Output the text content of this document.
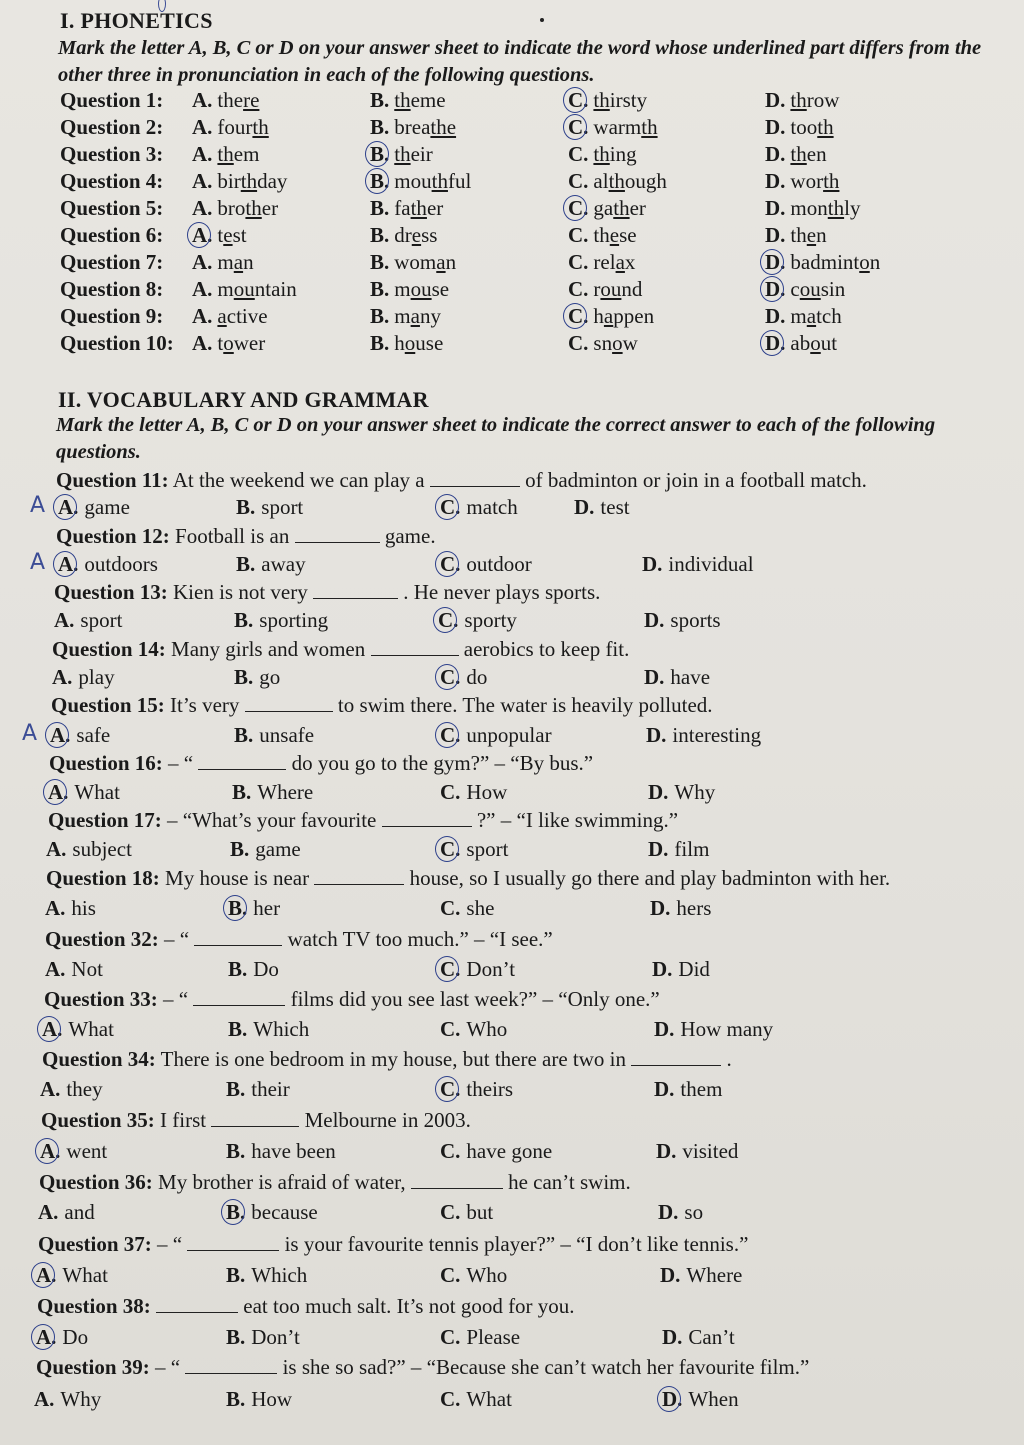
I. PHONETICS
Mark the letter A, B, C or D on your answer sheet to indicate the word whose underlined part differs from the other three in pronunciation in each of the following questions.
Question 1: A. there	B. theme	C. thirsty	D. throw
Question 2: A. fourth	B. breathe	C. warmth	D. tooth
Question 3: A. them	B. their	C. thing	D. then
Question 4: A. birthday	B. mouthful	C. although	D. worth
Question 5: A. brother	B. father	C. gather	D. monthly
Question 6: A. test	B. dress	C. these	D. then
Question 7: A. man	B. woman	C. relax	D. badminton
Question 8: A. mountain	B. mouse	C. round	D. cousin
Question 9: A. active	B. many	C. happen	D. match
Question 10: A. tower	B. house	C. snow	D. about
II. VOCABULARY AND GRAMMAR
Mark the letter A, B, C or D on your answer sheet to indicate the correct answer to each of the following questions.
Question 11: At the weekend we can play a	of badminton or join in a football match.
A. game	B. sport	C. match	D. test
A
Question 12: Football is an	game.
A. outdoors	B. away	C. outdoor	D. individual
A
Question 13: Kien is not very	. He never plays sports.
A. sport	B. sporting	C. sporty	D. sports
Question 14: Many girls and women	aerobics to keep fit.
A. play	B. go	C. do	D. have
Question 15: It’s very	to swim there. The water is heavily polluted.
A. safe	B. unsafe	C. unpopular	D. interesting
A
Question 16: – “	do you go to the gym?” – “By bus.”
A. What	B. Where	C. How	D. Why
Question 17: – “What’s your favourite	?” – “I like swimming.”
A. subject	B. game	C. sport	D. film
Question 18: My house is near	house, so I usually go there and play badminton with her.
A. his	B. her	C. she	D. hers
Question 32: – “	watch TV too much.” – “I see.”
A. Not	B. Do	C. Don’t	D. Did
Question 33: – “	films did you see last week?” – “Only one.”
A. What	B. Which	C. Who	D. How many
Question 34: There is one bedroom in my house, but there are two in	.
A. they	B. their	C. theirs	D. them
Question 35: I first	Melbourne in 2003.
A. went	B. have been	C. have gone	D. visited
Question 36: My brother is afraid of water,	he can’t swim.
A. and	B. because	C. but	D. so
Question 37: – “	is your favourite tennis player?” – “I don’t like tennis.”
A. What	B. Which	C. Who	D. Where
Question 38:	eat too much salt. It’s not good for you.
A. Do	B. Don’t	C. Please	D. Can’t
Question 39: – “	is she so sad?” – “Because she can’t watch her favourite film.”
A. Why	B. How	C. What	D. When
